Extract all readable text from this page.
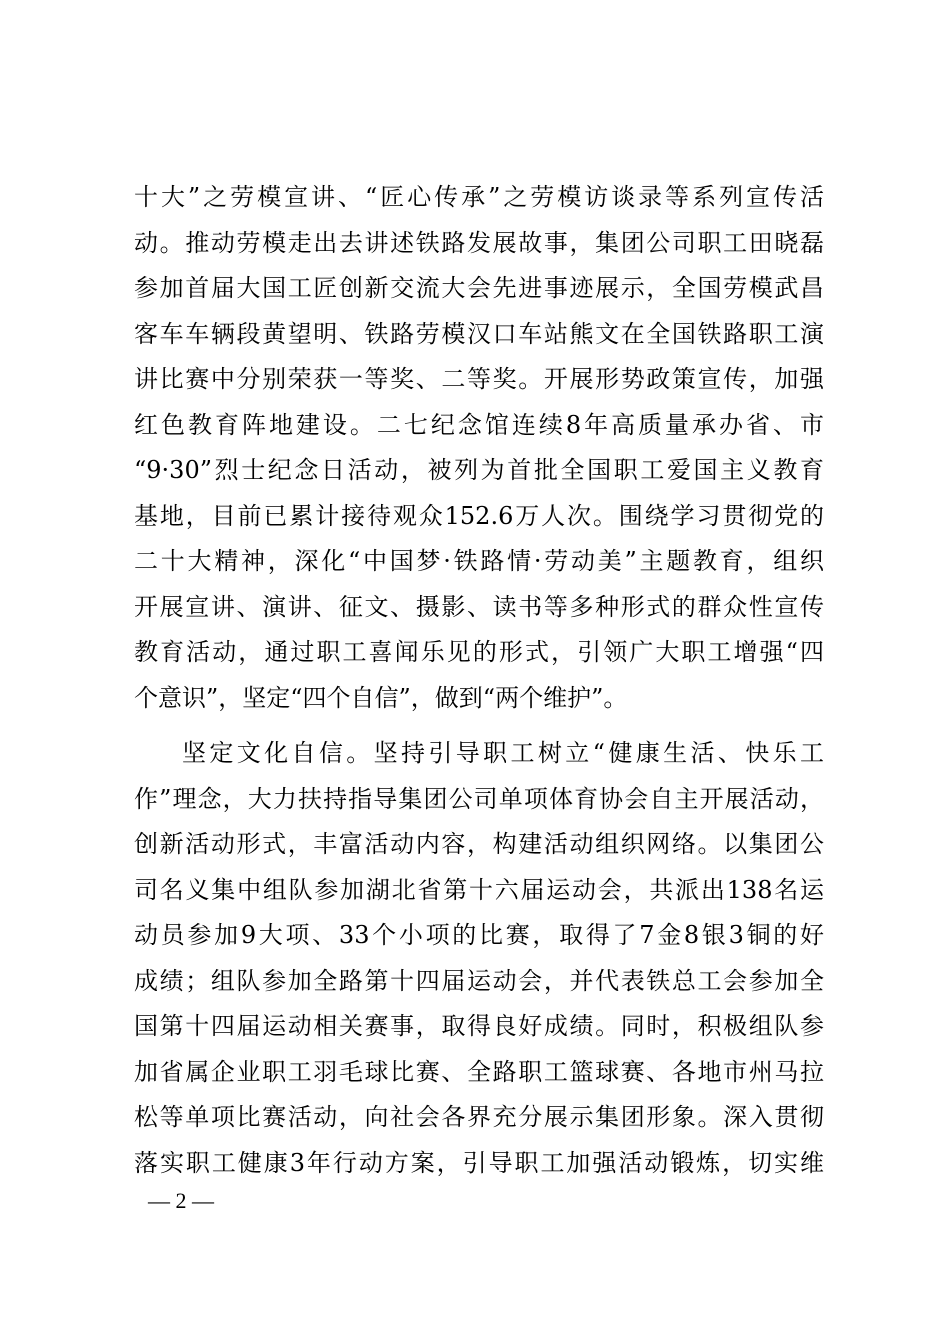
十大”之劳模宣讲、“匠心传承”之劳模访谈录等系列宣传活
动。推动劳模走出去讲述铁路发展故事，集团公司职工田晓磊
参加首届大国工匠创新交流大会先进事迹展示，全国劳模武昌
客车车辆段黄望明、铁路劳模汉口车站熊文在全国铁路职工演
讲比赛中分别荣获一等奖、二等奖。开展形势政策宣传，加强
红色教育阵地建设。二七纪念馆连续8年高质量承办省、市
“9·30”烈士纪念日活动，被列为首批全国职工爱国主义教育
基地，目前已累计接待观众152.6万人次。围绕学习贯彻党的
二十大精神，深化“中国梦·铁路情·劳动美”主题教育，组织
开展宣讲、演讲、征文、摄影、读书等多种形式的群众性宣传
教育活动，通过职工喜闻乐见的形式，引领广大职工增强“四
个意识”，坚定“四个自信”，做到“两个维护”。
坚定文化自信。坚持引导职工树立“健康生活、快乐工
作”理念，大力扶持指导集团公司单项体育协会自主开展活动，
创新活动形式，丰富活动内容，构建活动组织网络。以集团公
司名义集中组队参加湖北省第十六届运动会，共派出138名运
动员参加9大项、33个小项的比赛，取得了7金8银3铜的好
成绩；组队参加全路第十四届运动会，并代表铁总工会参加全
国第十四届运动相关赛事，取得良好成绩。同时，积极组队参
加省属企业职工羽毛球比赛、全路职工篮球赛、各地市州马拉
松等单项比赛活动，向社会各界充分展示集团形象。深入贯彻
落实职工健康3年行动方案，引导职工加强活动锻炼，切实维
— 2 —
